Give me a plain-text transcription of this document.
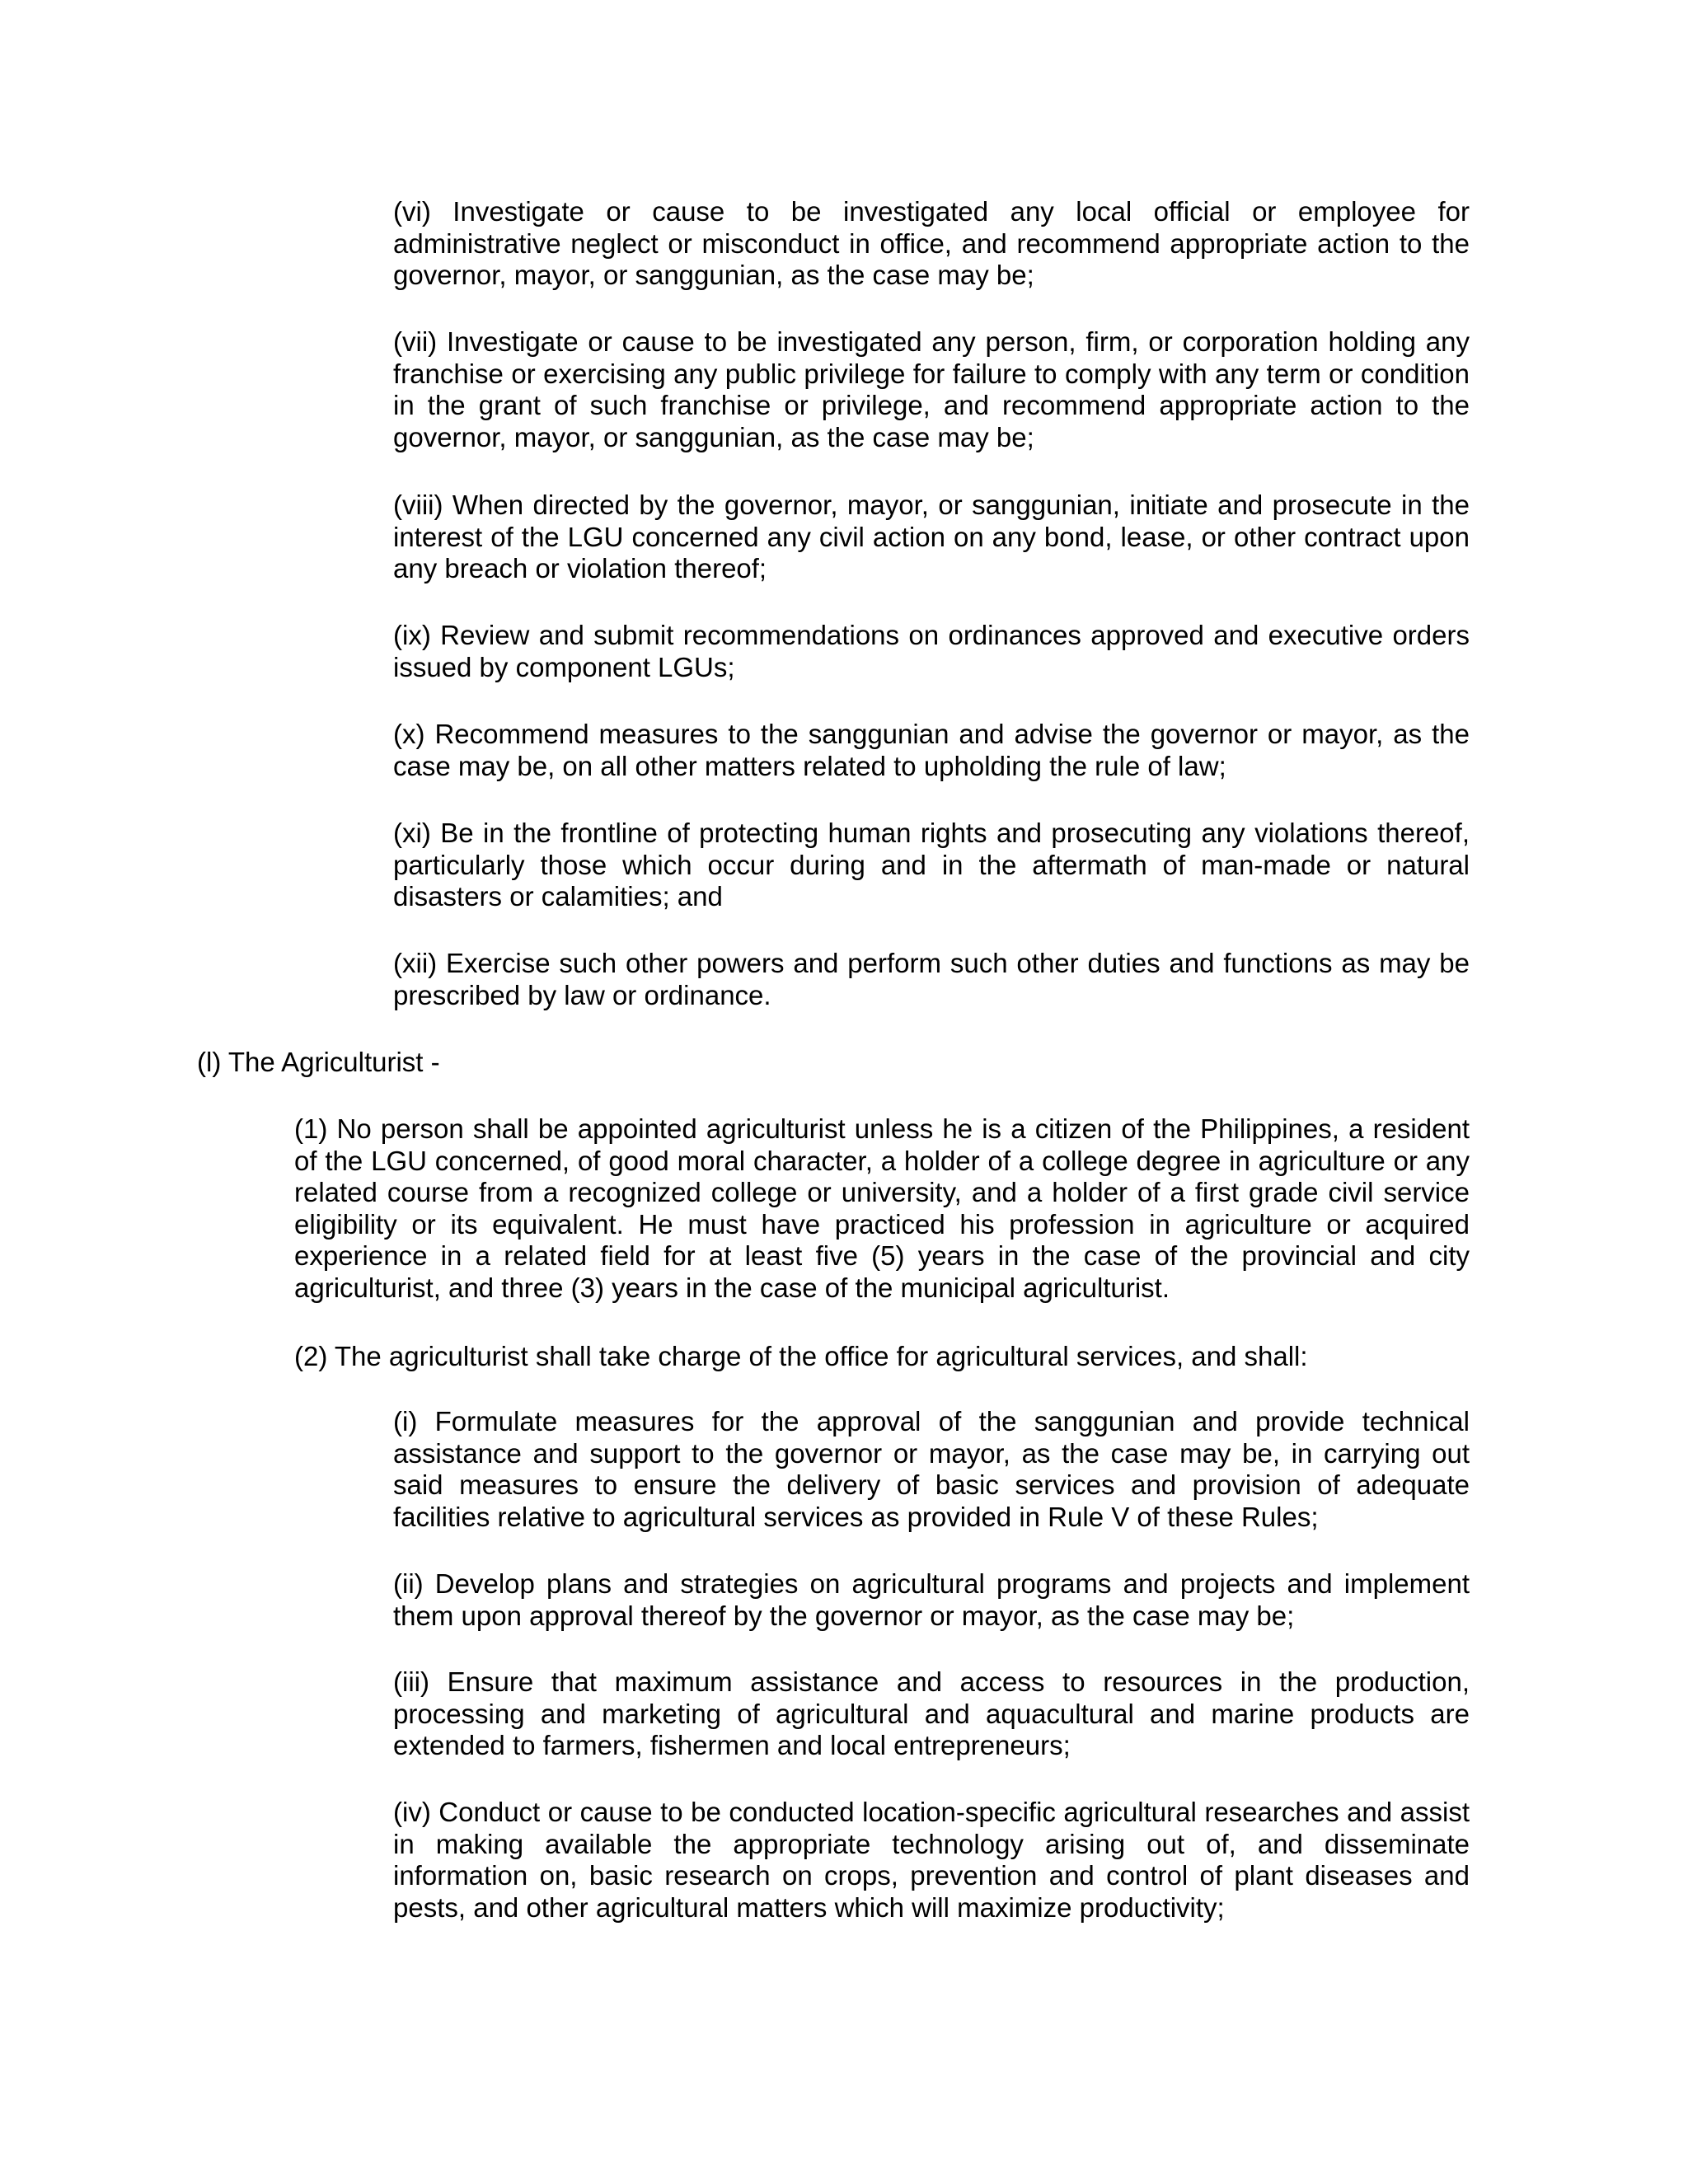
(vi) Investigate or cause to be investigated any local official or employee for administrative neglect or misconduct in office, and recommend appropriate action to the governor, mayor, or sanggunian, as the case may be;

(vii) Investigate or cause to be investigated any person, firm, or corporation holding any franchise or exercising any public privilege for failure to comply with any term or condition in the grant of such franchise or privilege, and recommend appropriate action to the governor, mayor, or sanggunian, as the case may be;

(viii) When directed by the governor, mayor, or sanggunian, initiate and prosecute in the interest of the LGU concerned any civil action on any bond, lease, or other contract upon any breach or violation thereof;

(ix) Review and submit recommendations on ordinances approved and executive orders issued by component LGUs;

(x) Recommend measures to the sanggunian and advise the governor or mayor, as the case may be, on all other matters related to upholding the rule of law;

(xi) Be in the frontline of protecting human rights and prosecuting any violations thereof, particularly those which occur during and in the aftermath of man-made or natural disasters or calamities; and

(xii) Exercise such other powers and perform such other duties and functions as may be prescribed by law or ordinance.

(l) The Agriculturist -

(1) No person shall be appointed agriculturist unless he is a citizen of the Philippines, a resident of the LGU concerned, of good moral character, a holder of a college degree in agriculture or any related course from a recognized college or university, and a holder of a first grade civil service eligibility or its equivalent. He must have practiced his profession in agriculture or acquired experience in a related field for at least five (5) years in the case of the provincial and city agriculturist, and three (3) years in the case of the municipal agriculturist.

(2) The agriculturist shall take charge of the office for agricultural services, and shall:

(i) Formulate measures for the approval of the sanggunian and provide technical assistance and support to the governor or mayor, as the case may be, in carrying out said measures to ensure the delivery of basic services and provision of adequate facilities relative to agricultural services as provided in Rule V of these Rules;

(ii) Develop plans and strategies on agricultural programs and projects and implement them upon approval thereof by the governor or mayor, as the case may be;

(iii) Ensure that maximum assistance and access to resources in the production, processing and marketing of agricultural and aquacultural and marine products are extended to farmers, fishermen and local entrepreneurs;

(iv) Conduct or cause to be conducted location-specific agricultural researches and assist in making available the appropriate technology arising out of, and disseminate information on, basic research on crops, prevention and control of plant diseases and pests, and other agricultural matters which will maximize productivity;
